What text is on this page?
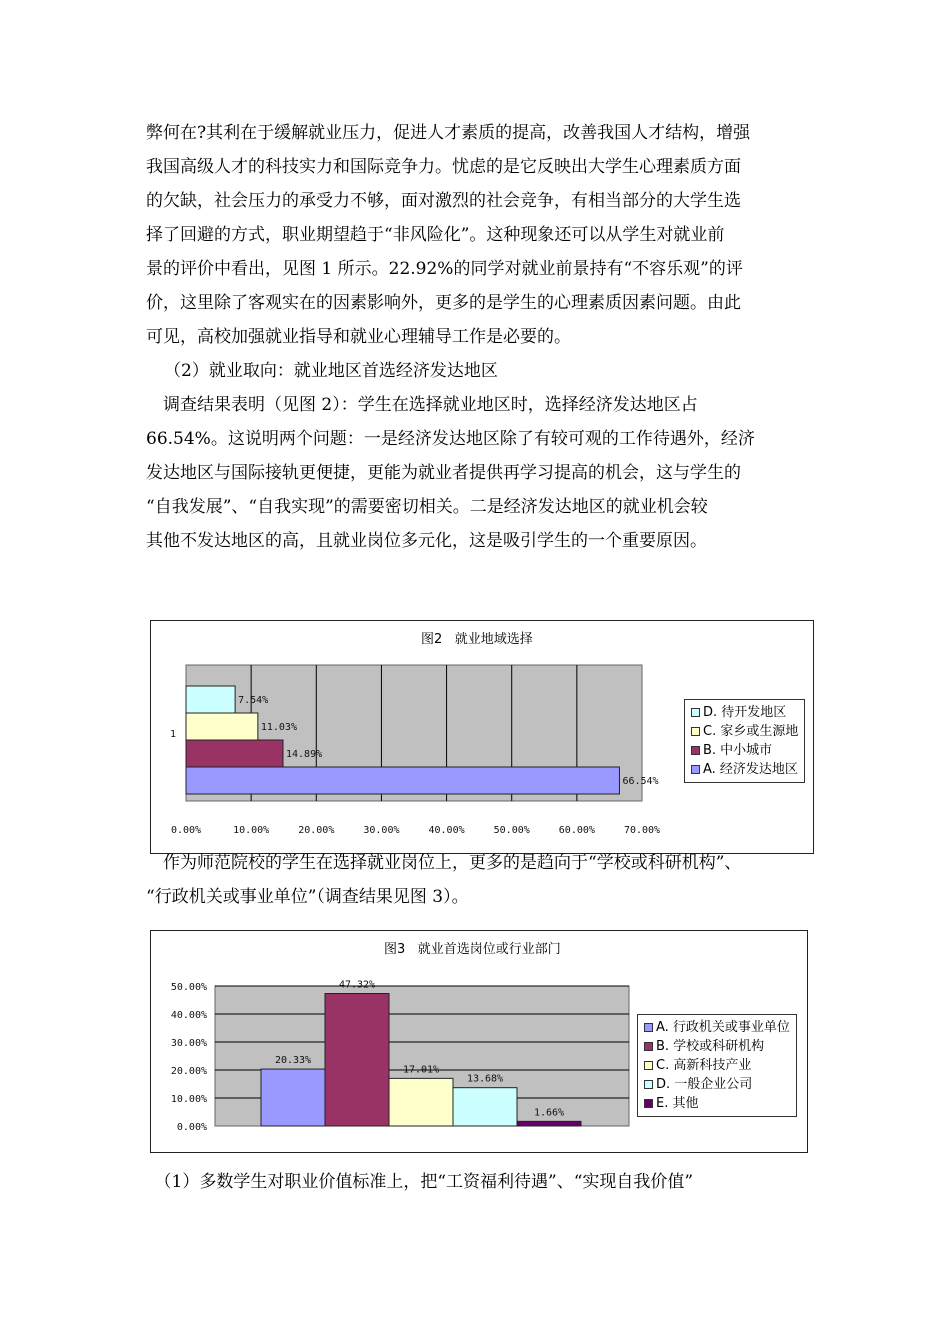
弊何在?其利在于缓解就业压力，促进人才素质的提高，改善我国人才结构，增强
我国高级人才的科技实力和国际竞争力。忧虑的是它反映出大学生心理素质方面
的欠缺，社会压力的承受力不够，面对激烈的社会竞争，有相当部分的大学生选
择了回避的方式，职业期望趋于“非风险化”。这种现象还可以从学生对就业前
景的评价中看出，见图 1 所示。22.92%的同学对就业前景持有“不容乐观”的评
价，这里除了客观实在的因素影响外，更多的是学生的心理素质因素问题。由此
可见，高校加强就业指导和就业心理辅导工作是必要的。
（2）就业取向：就业地区首选经济发达地区
　调查结果表明（见图 2）：学生在选择就业地区时，选择经济发达地区占
66.54%。这说明两个问题：一是经济发达地区除了有较可观的工作待遇外，经济
发达地区与国际接轨更便捷，更能为就业者提供再学习提高的机会，这与学生的
“自我发展”、“自我实现”的需要密切相关。二是经济发达地区的就业机会较
其他不发达地区的高，且就业岗位多元化，这是吸引学生的一个重要原因。
图2 就业地域选择
0.00%	10.00%	20.00%	30.00%	40.00%	50.00%	60.00%	70.00%
1
7.54%
11.03%
14.89%
66.54%
D. 待开发地区
C. 家乡或生源地
B. 中小城市
A. 经济发达地区
　作为师范院校的学生在选择就业岗位上，更多的是趋向于“学校或科研机构”、
“行政机关或事业单位”（调查结果见图 3）。
图3 就业首选岗位或行业部门
0.00%
10.00%
20.00%
30.00%
40.00%
50.00%
20.33%
47.32%
17.01%
13.68%
1.66%
A. 行政机关或事业单位
B. 学校或科研机构
C. 高新科技产业
D. 一般企业公司
E. 其他
　（1）多数学生对职业价值标准上，把“工资福利待遇”、“实现自我价值”
